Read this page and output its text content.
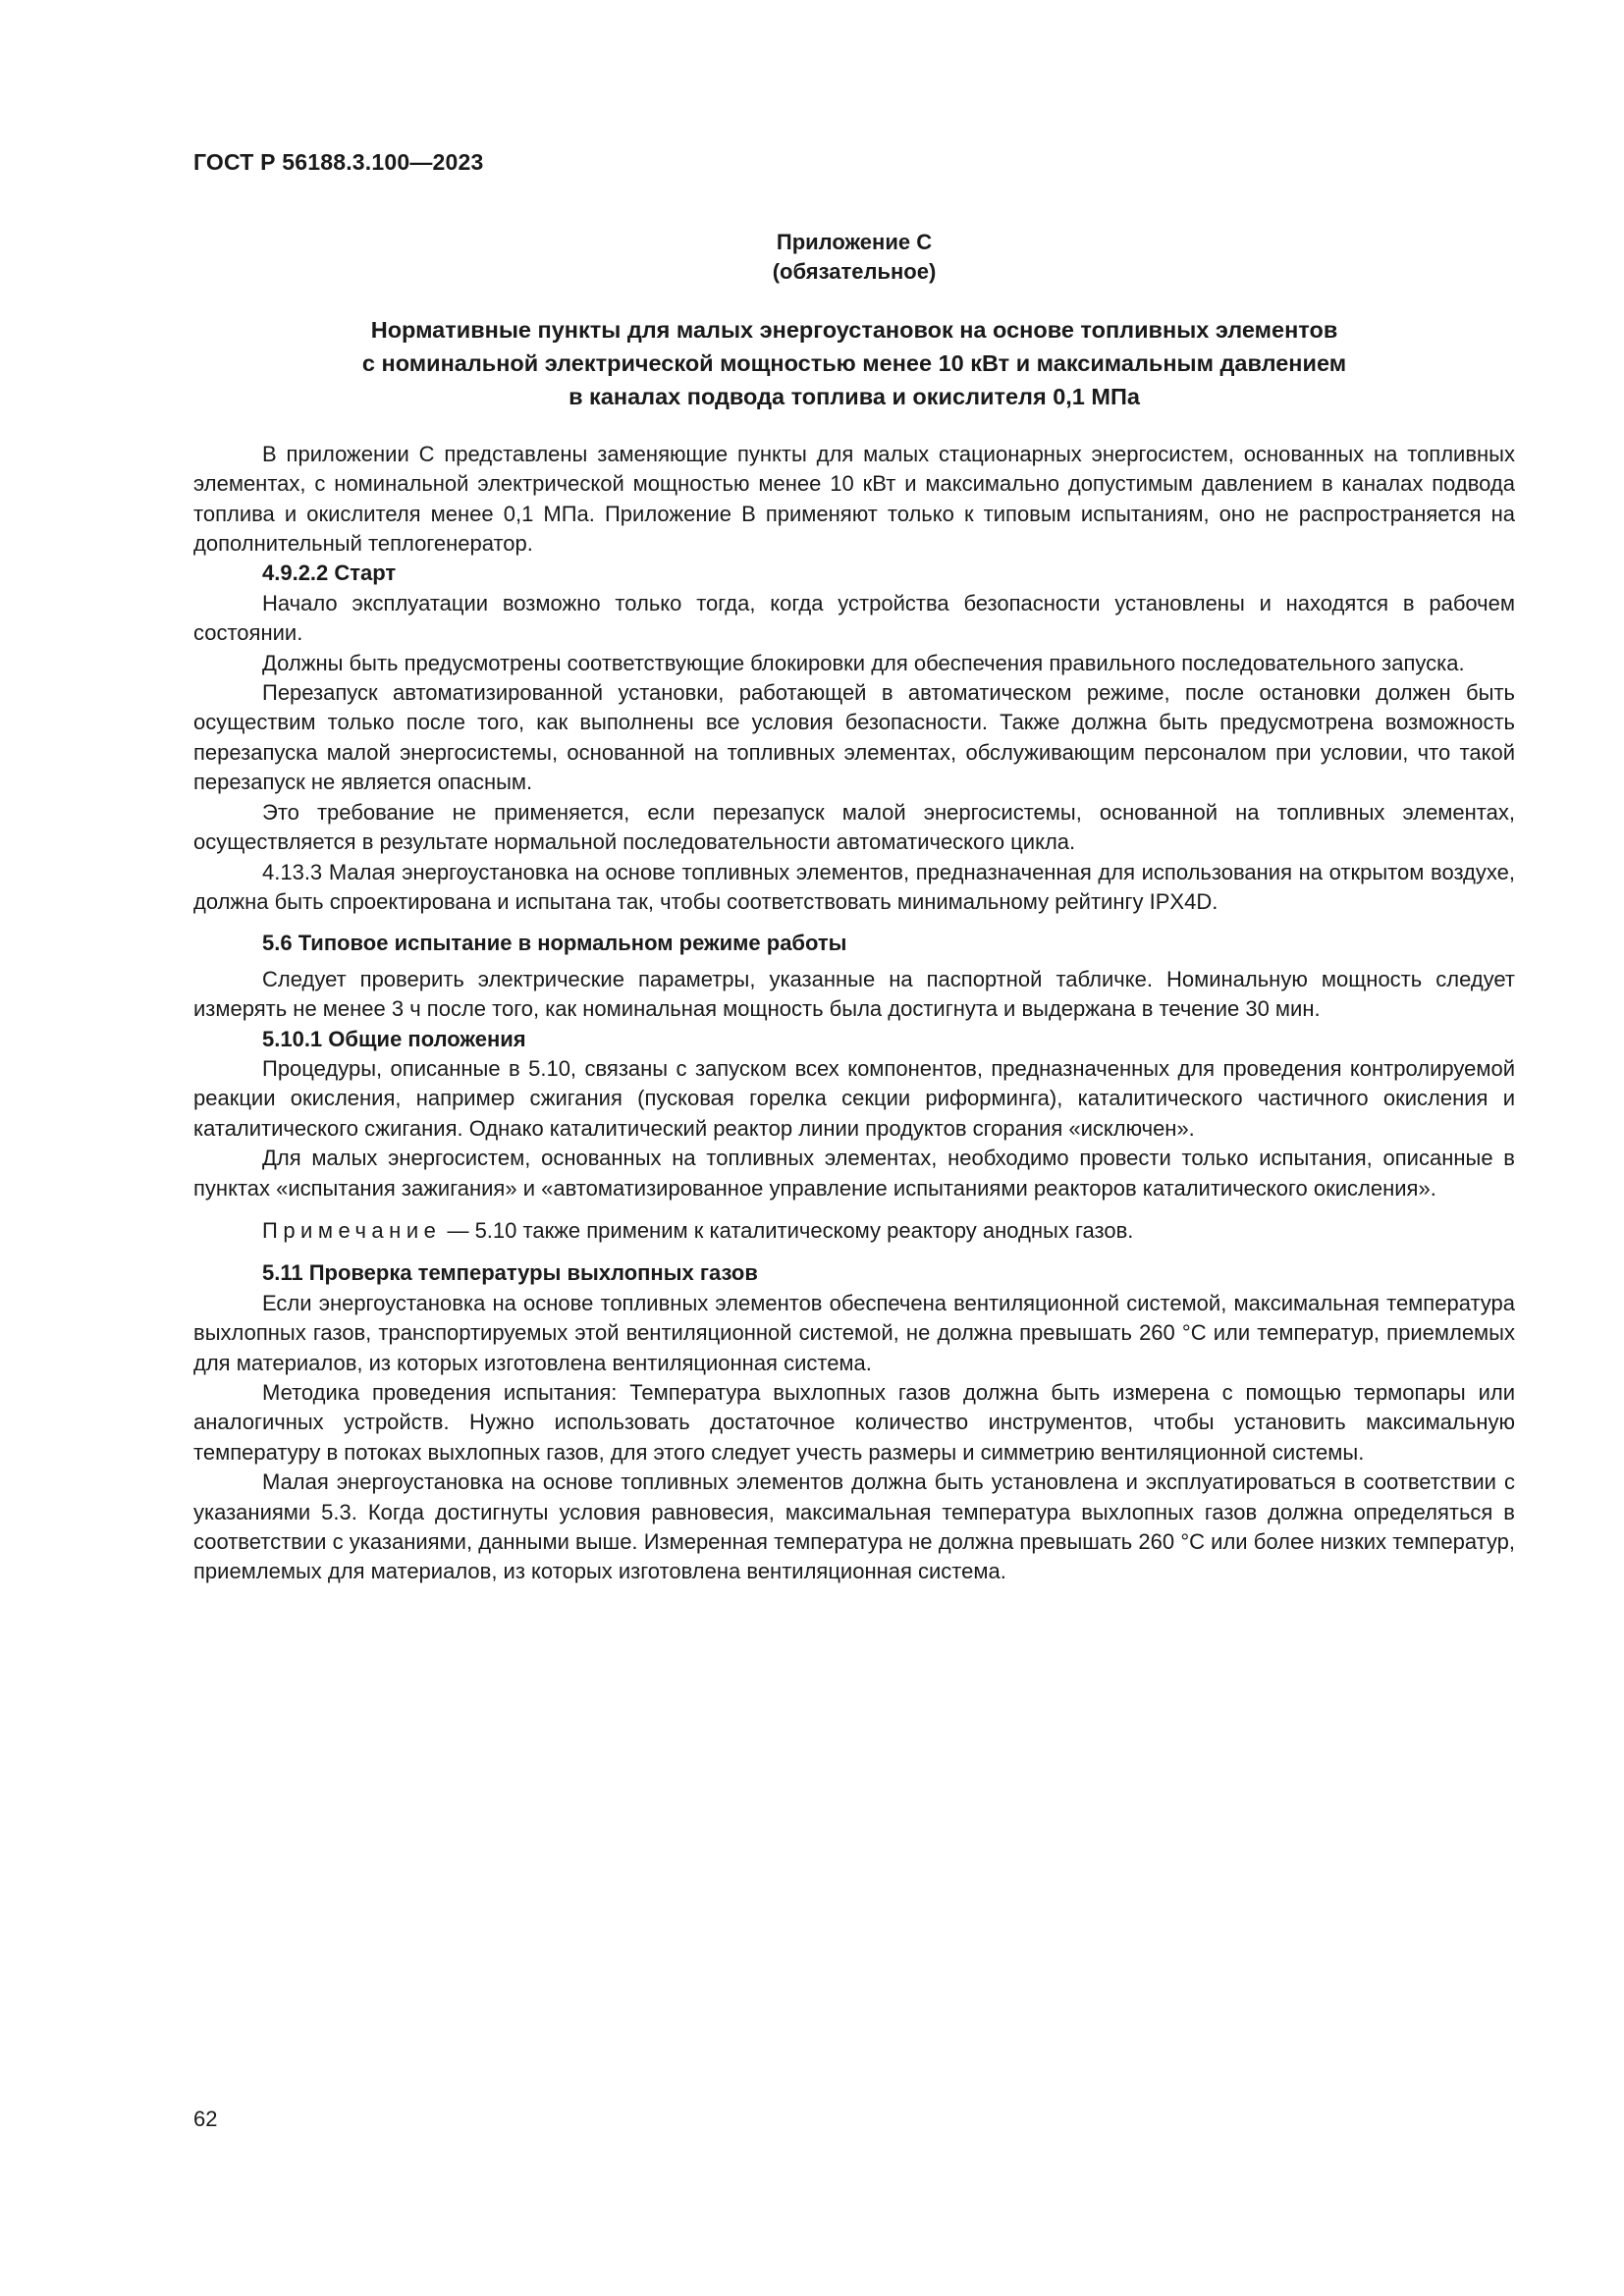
ГОСТ Р 56188.3.100—2023
Приложение C
(обязательное)
Нормативные пункты для малых энергоустановок на основе топливных элементов
с номинальной электрической мощностью менее 10 кВт и максимальным давлением
в каналах подвода топлива и окислителя 0,1 МПа

В приложении С представлены заменяющие пункты для малых стационарных энергосистем, основанных на топливных элементах, с номинальной электрической мощностью менее 10 кВт и максимально допустимым давлением в каналах подвода топлива и окислителя менее 0,1 МПа. Приложение В применяют только к типовым испытаниям, оно не распространяется на дополнительный теплогенератор.

4.9.2.2 Старт

Начало эксплуатации возможно только тогда, когда устройства безопасности установлены и находятся в рабочем состоянии.

Должны быть предусмотрены соответствующие блокировки для обеспечения правильного последовательного запуска.

Перезапуск автоматизированной установки, работающей в автоматическом режиме, после остановки должен быть осуществим только после того, как выполнены все условия безопасности. Также должна быть предусмотрена возможность перезапуска малой энергосистемы, основанной на топливных элементах, обслуживающим персоналом при условии, что такой перезапуск не является опасным.

Это требование не применяется, если перезапуск малой энергосистемы, основанной на топливных элементах, осуществляется в результате нормальной последовательности автоматического цикла.

4.13.3 Малая энергоустановка на основе топливных элементов, предназначенная для использования на открытом воздухе, должна быть спроектирована и испытана так, чтобы соответствовать минимальному рейтингу IPX4D.

5.6 Типовое испытание в нормальном режиме работы

Следует проверить электрические параметры, указанные на паспортной табличке. Номинальную мощность следует измерять не менее 3 ч после того, как номинальная мощность была достигнута и выдержана в течение 30 мин.

5.10.1 Общие положения

Процедуры, описанные в 5.10, связаны с запуском всех компонентов, предназначенных для проведения контролируемой реакции окисления, например сжигания (пусковая горелка секции риформинга), каталитического частичного окисления и каталитического сжигания. Однако каталитический реактор линии продуктов сгорания «исключен».

Для малых энергосистем, основанных на топливных элементах, необходимо провести только испытания, описанные в пунктах «испытания зажигания» и «автоматизированное управление испытаниями реакторов каталитического окисления».

Примечание — 5.10 также применим к каталитическому реактору анодных газов.

5.11 Проверка температуры выхлопных газов

Если энергоустановка на основе топливных элементов обеспечена вентиляционной системой, максимальная температура выхлопных газов, транспортируемых этой вентиляционной системой, не должна превышать 260 °С или температур, приемлемых для материалов, из которых изготовлена вентиляционная система.

Методика проведения испытания: Температура выхлопных газов должна быть измерена с помощью термопары или аналогичных устройств. Нужно использовать достаточное количество инструментов, чтобы установить максимальную температуру в потоках выхлопных газов, для этого следует учесть размеры и симметрию вентиляционной системы.

Малая энергоустановка на основе топливных элементов должна быть установлена и эксплуатироваться в соответствии с указаниями 5.3. Когда достигнуты условия равновесия, максимальная температура выхлопных газов должна определяться в соответствии с указаниями, данными выше. Измеренная температура не должна превышать 260 °С или более низких температур, приемлемых для материалов, из которых изготовлена вентиляционная система.

62
